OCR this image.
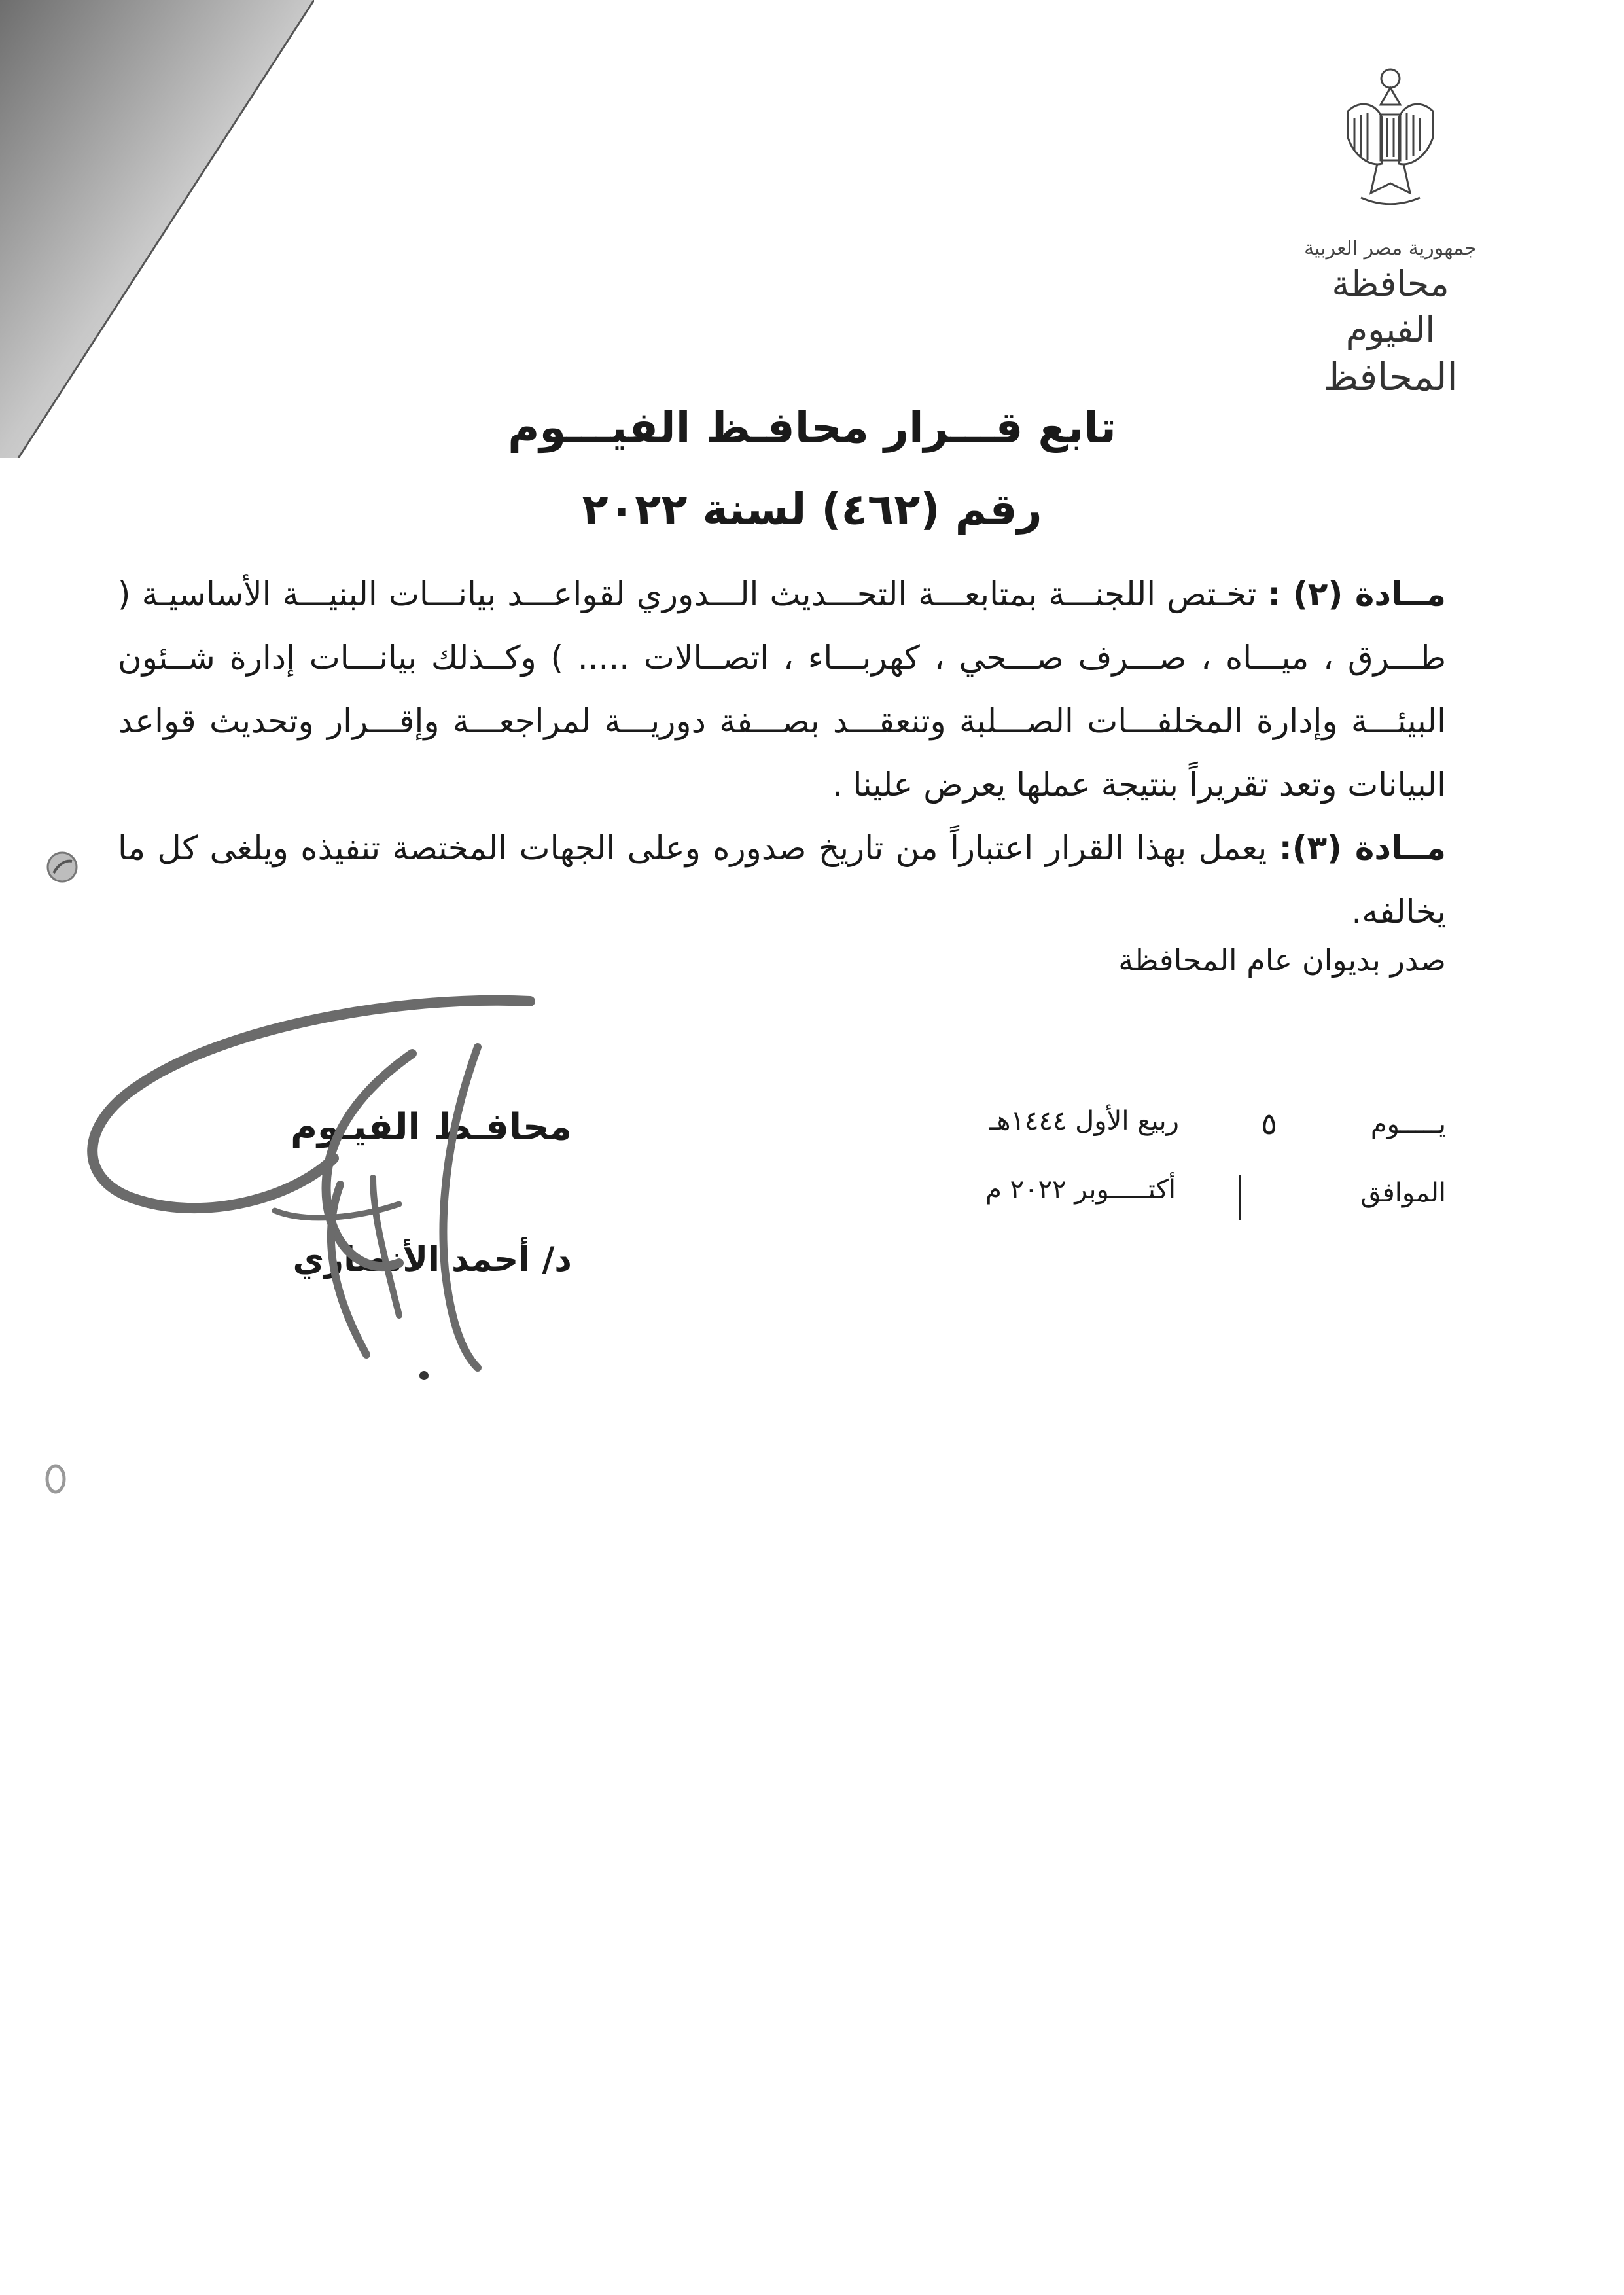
جمهورية مصر العربية
محافظة الفيوم
المحافظ
تابع قـــرار محافـظ الفيـــوم
رقم (٤٦٢) لسنة ٢٠٢٢

مــادة (٢) : تخـتص اللجنـــة بمتابعـــة التحـــديث الـــدوري لقواعـــد بيانـــات البنيـــة الأساسيـة ( طـــرق ، ميـــاه ، صـــرف صـــحي ، كهربـــاء ، اتصــالات ..... ) وكــذلك بيانـــات إدارة شــئون البيئـــة وإدارة المخلفـــات الصـــلبة وتنعقـــد بصـــفة دوريـــة لمراجعـــة وإقـــرار وتحديث قواعد البيانات وتعد تقريراً بنتيجة عملها يعرض علينا .

مــادة (٣): يعمل بهذا القرار اعتباراً من تاريخ صدوره وعلى الجهات المختصة تنفيذه ويلغى كل ما يخالفه.

صدر بديوان عام المحافظة
يـــــوم
٥
ربيع الأول ١٤٤٤هـ
الموافق
أكتـــــوبر ٢٠٢٢ م
محافـظ الفيـوم
د/ أحمد الأنصاري
